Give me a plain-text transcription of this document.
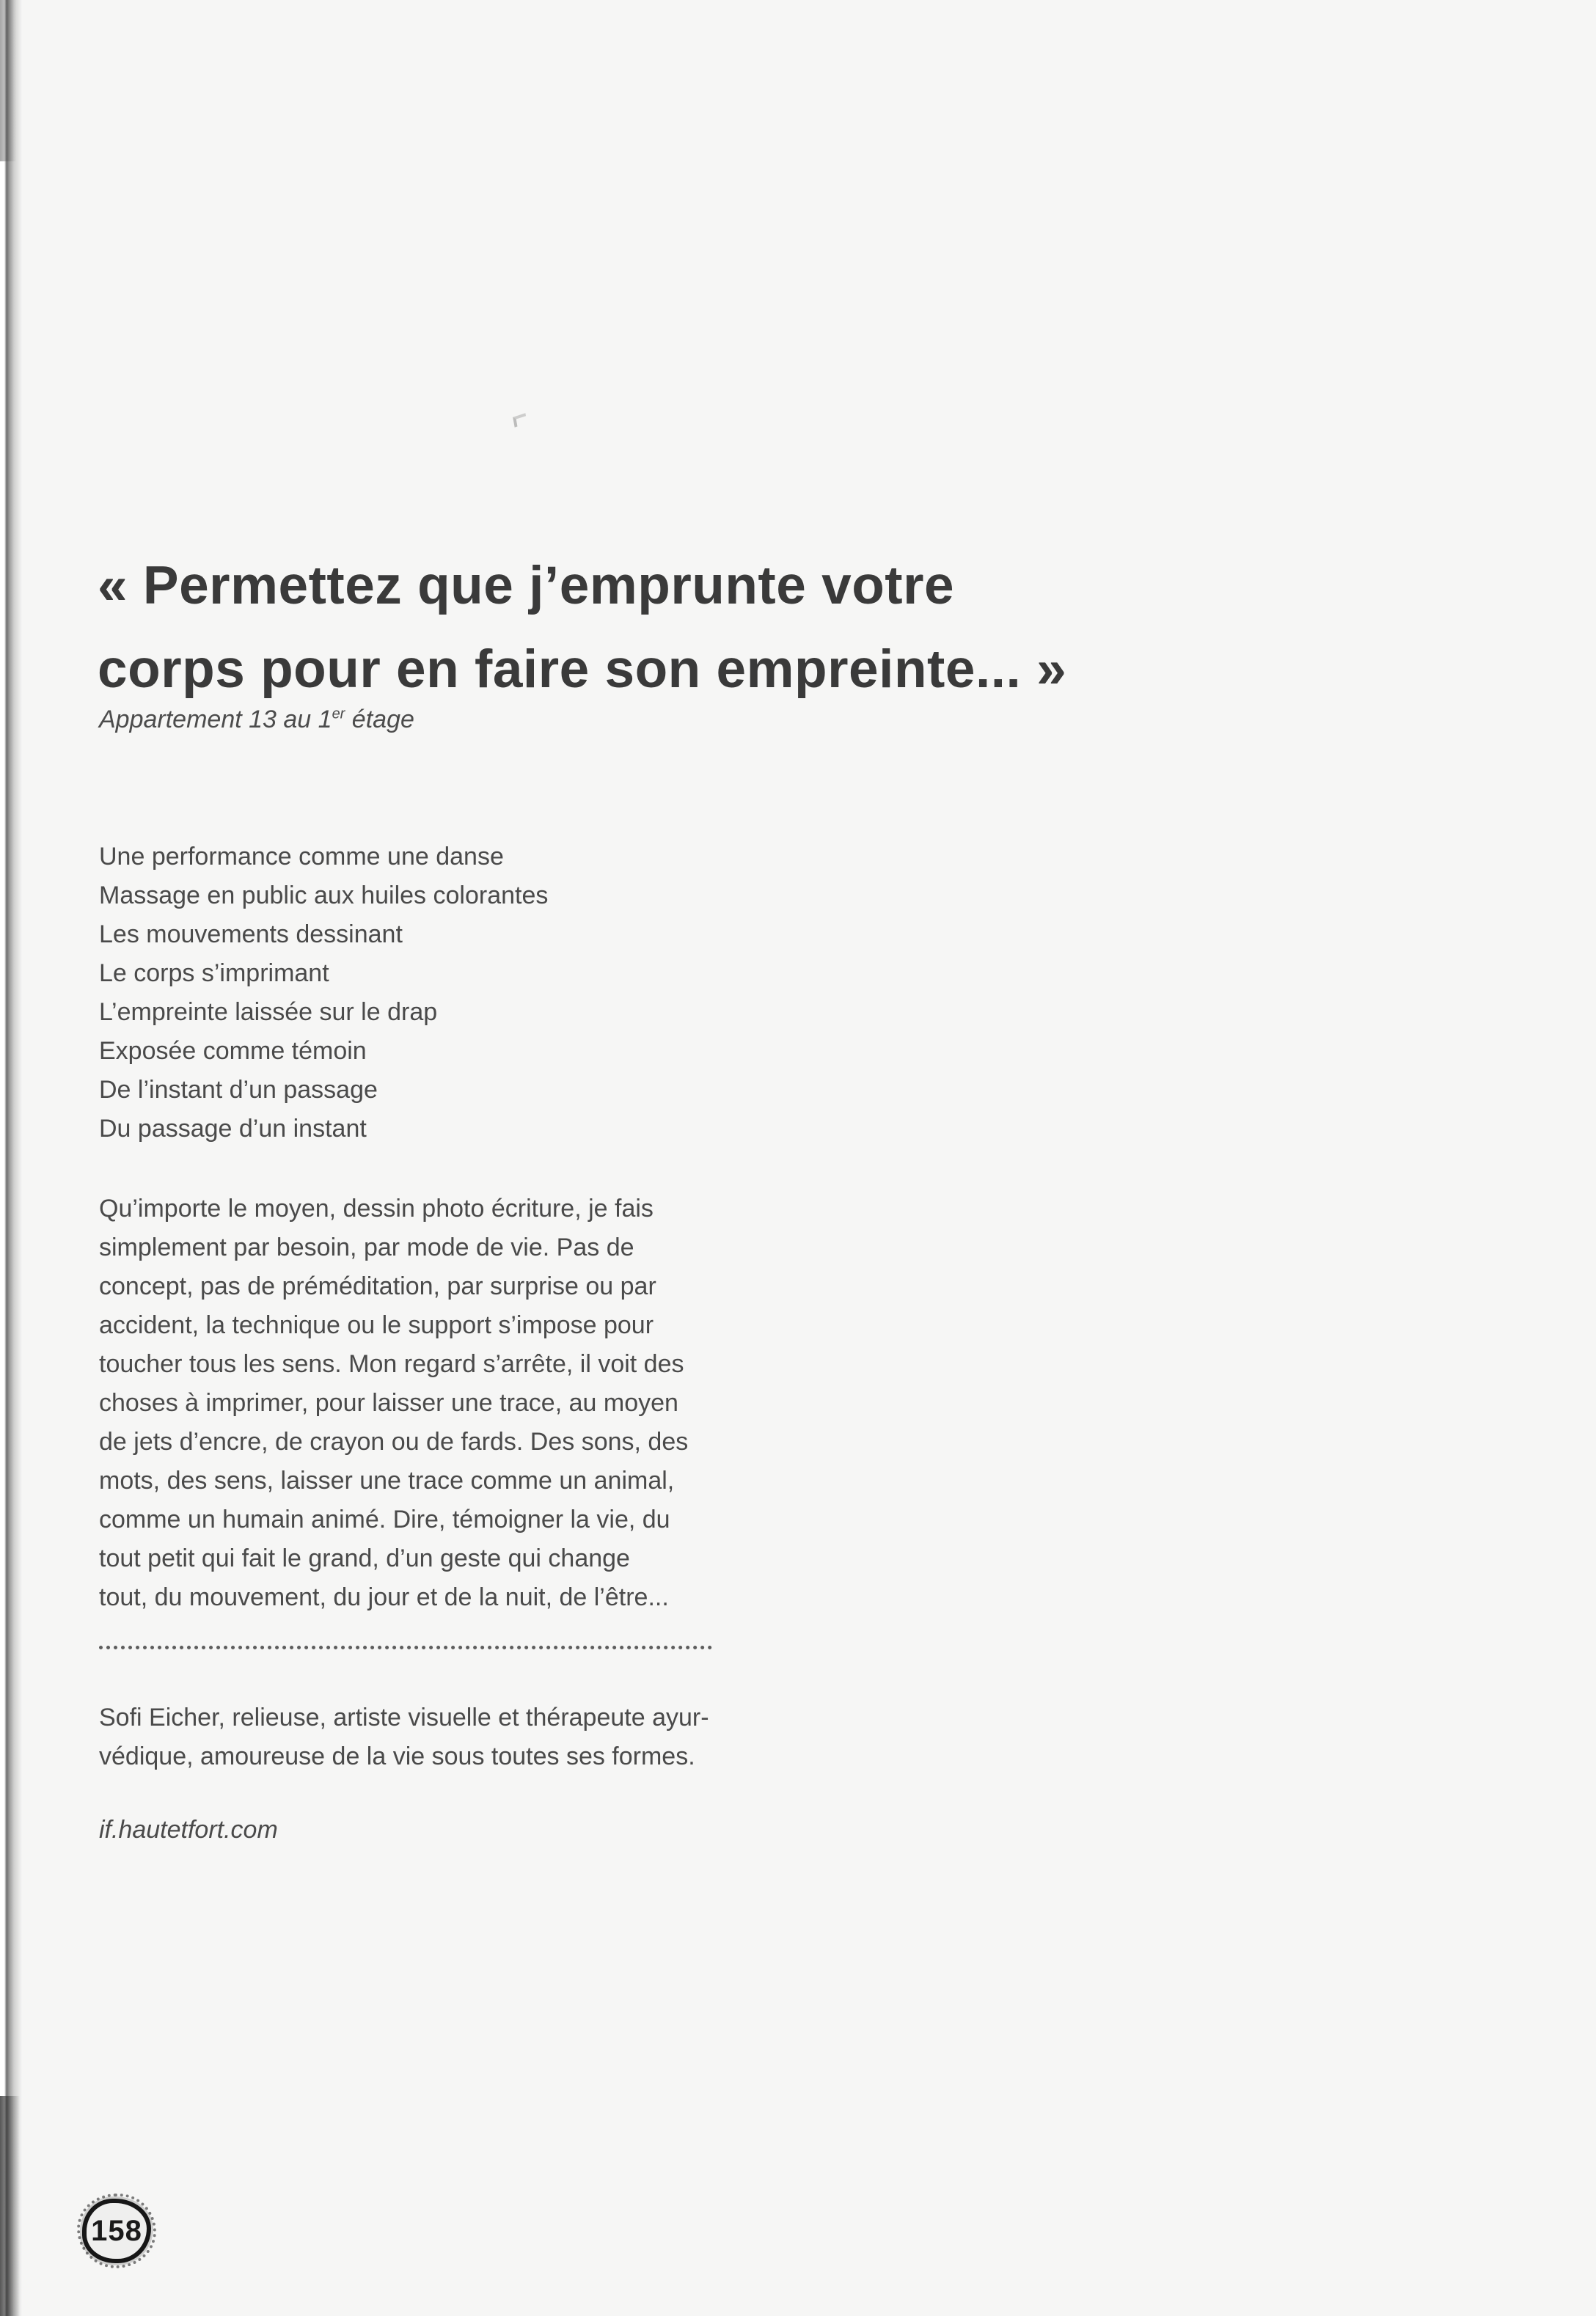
« Permettez que j’emprunte votre
corps pour en faire son empreinte... »

Appartement 13 au 1er étage

Une performance comme une danse
Massage en public aux huiles colorantes
Les mouvements dessinant
Le corps s’imprimant
L’empreinte laissée sur le drap
Exposée comme témoin
De l’instant d’un passage
Du passage d’un instant
Qu’importe le moyen, dessin photo écriture, je fais
simplement par besoin, par mode de vie. Pas de
concept, pas de préméditation, par surprise ou par
accident, la technique ou le support s’impose pour
toucher tous les sens. Mon regard s’arrête, il voit des
choses à imprimer, pour laisser une trace, au moyen
de jets d’encre, de crayon ou de fards. Des sons, des
mots, des sens, laisser une trace comme un animal,
comme un humain animé. Dire, témoigner la vie, du
tout petit qui fait le grand, d’un geste qui change
tout, du mouvement, du jour et de la nuit, de l’être...
Sofi Eicher, relieuse, artiste visuelle et thérapeute ayur-
védique, amoureuse de la vie sous toutes ses formes.

if.hautetfort.com

158
